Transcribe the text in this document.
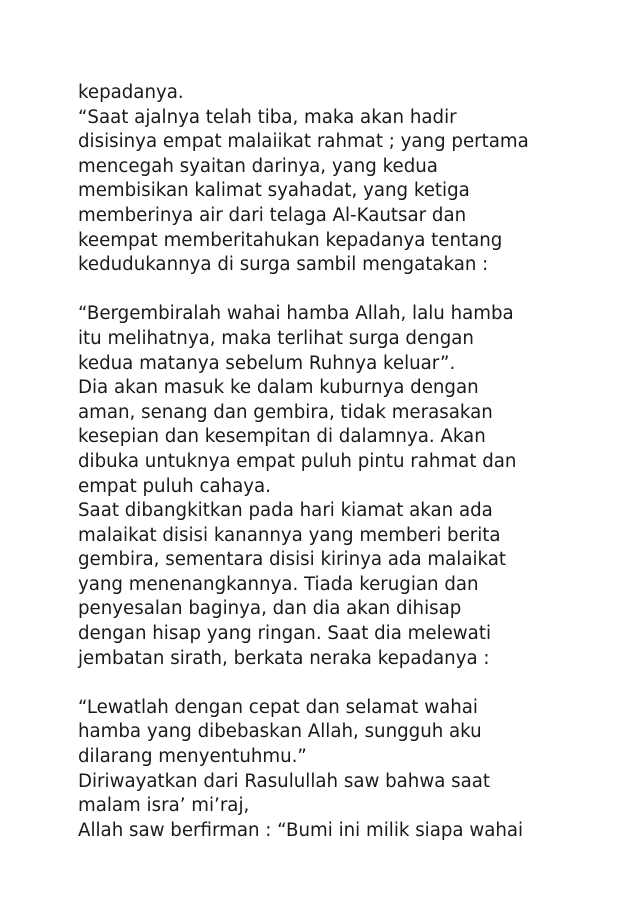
kepadanya.
“Saat ajalnya telah tiba, maka akan hadir
disisinya empat malaiikat rahmat ; yang pertama
mencegah syaitan darinya, yang kedua
membisikan kalimat syahadat, yang ketiga
memberinya air dari telaga Al-Kautsar dan
keempat memberitahukan kepadanya tentang
kedudukannya di surga sambil mengatakan :
“Bergembiralah wahai hamba Allah, lalu hamba
itu melihatnya, maka terlihat surga dengan
kedua matanya sebelum Ruhnya keluar”.
Dia akan masuk ke dalam kuburnya dengan
aman, senang dan gembira, tidak merasakan
kesepian dan kesempitan di dalamnya. Akan
dibuka untuknya empat puluh pintu rahmat dan
empat puluh cahaya.
Saat dibangkitkan pada hari kiamat akan ada
malaikat disisi kanannya yang memberi berita
gembira, sementara disisi kirinya ada malaikat
yang menenangkannya. Tiada kerugian dan
penyesalan baginya, dan dia akan dihisap
dengan hisap yang ringan. Saat dia melewati
jembatan sirath, berkata neraka kepadanya :
“Lewatlah dengan cepat dan selamat wahai
hamba yang dibebaskan Allah, sungguh aku
dilarang menyentuhmu.”
Diriwayatkan dari Rasulullah saw bahwa saat
malam isra’ mi’raj,
Allah saw berfirman : “Bumi ini milik siapa wahai
